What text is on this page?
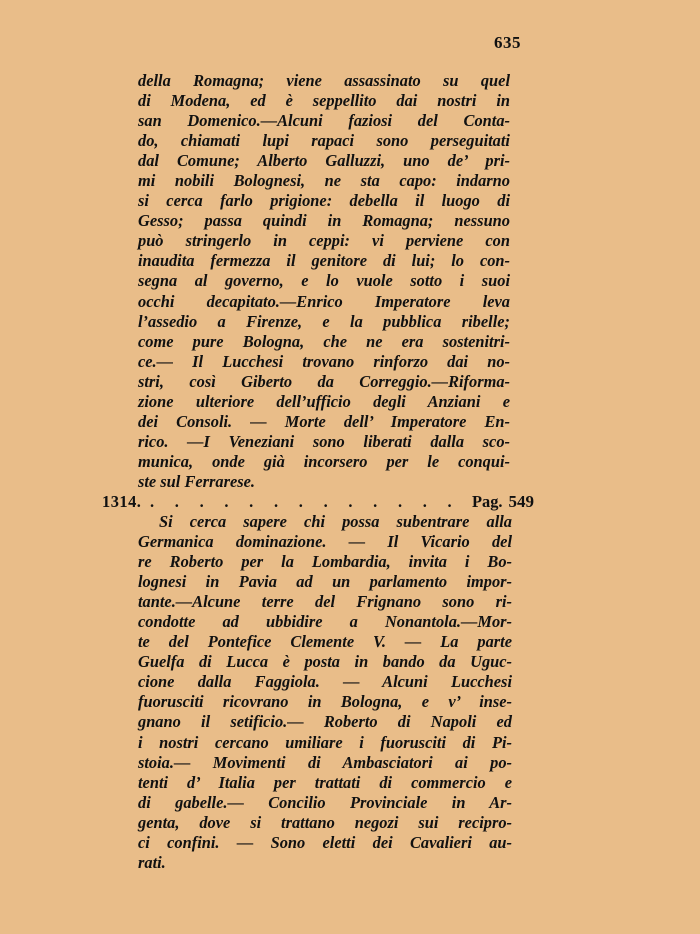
635
della Romagna; viene assassinato su quel
di Modena, ed è seppellito dai nostri in
san Domenico.—Alcuni faziosi del Conta-
do, chiamati lupi rapaci sono perseguitati
dal Comune; Alberto Galluzzi, uno de’ pri-
mi nobili Bolognesi, ne sta capo: indarno
si cerca farlo prigione: debella il luogo di
Gesso; passa quindi in Romagna; nessuno
può stringerlo in ceppi: vi perviene con
inaudita fermezza il genitore di lui; lo con-
segna al governo, e lo vuole sotto i suoi
occhi decapitato.—Enrico Imperatore leva
l’assedio a Firenze, e la pubblica ribelle;
come pure Bologna, che ne era sostenitri-
ce.— Il Lucchesi trovano rinforzo dai no-
stri, così Giberto da Correggio.—Riforma-
zione ulteriore dell’ufficio degli Anziani e
dei Consoli. — Morte dell’ Imperatore En-
rico. —I Veneziani sono liberati dalla sco-
munica, onde già incorsero per le conqui-
ste sul Ferrarese.
1314. . . . . . . . . . . . . . Pag. 549
Si cerca sapere chi possa subentrare alla
Germanica dominazione. — Il Vicario del
re Roberto per la Lombardia, invita i Bo-
lognesi in Pavia ad un parlamento impor-
tante.—Alcune terre del Frignano sono ri-
condotte ad ubbidire a Nonantola.—Mor-
te del Pontefice Clemente V. — La parte
Guelfa di Lucca è posta in bando da Uguc-
cione dalla Faggiola. — Alcuni Lucchesi
fuorusciti ricovrano in Bologna, e v’ inse-
gnano il setificio.— Roberto di Napoli ed
i nostri cercano umiliare i fuorusciti di Pi-
stoia.— Movimenti di Ambasciatori ai po-
tenti d’ Italia per trattati di commercio e
di gabelle.— Concilio Provinciale in Ar-
genta, dove si trattano negozi sui recipro-
ci confini. — Sono eletti dei Cavalieri au-
rati.
